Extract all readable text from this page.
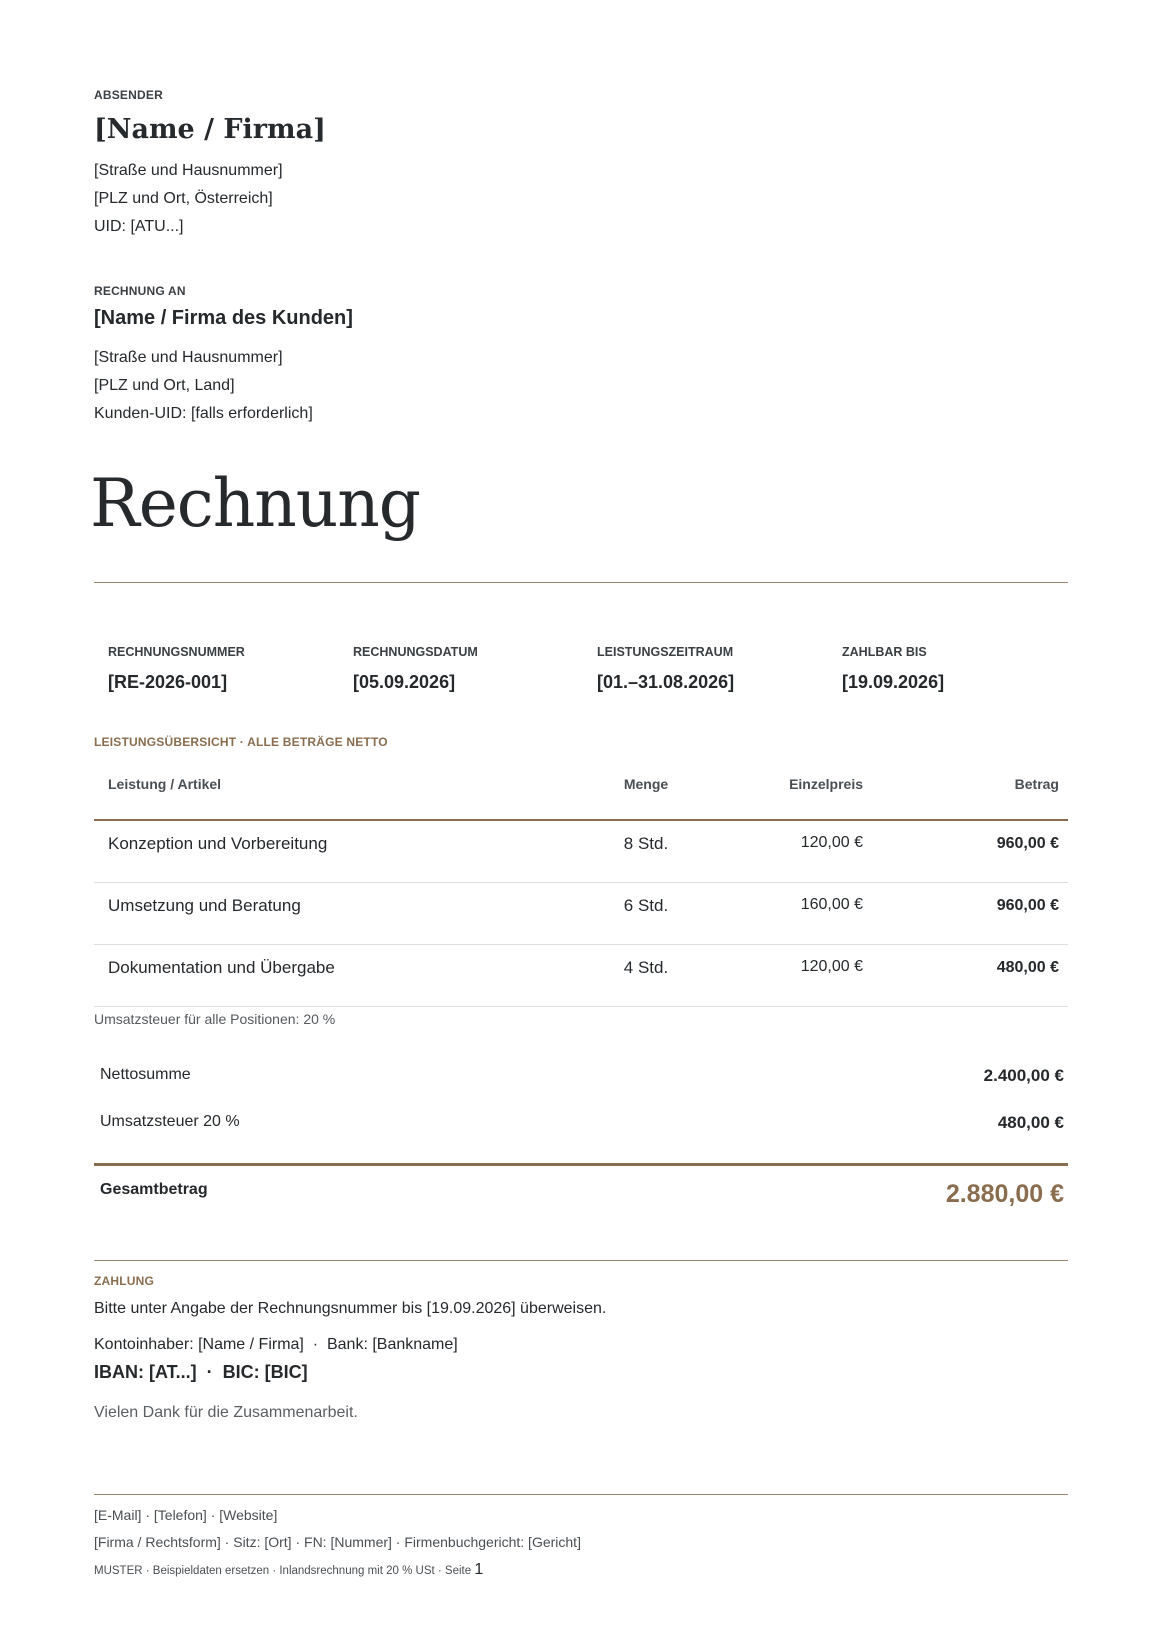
ABSENDER
[Name / Firma]
[Straße und Hausnummer]
[PLZ und Ort, Österreich]
UID: [ATU...]
RECHNUNG AN
[Name / Firma des Kunden]
[Straße und Hausnummer]
[PLZ und Ort, Land]
Kunden-UID: [falls erforderlich]
Rechnung
RECHNUNGSNUMMER
[RE-2026-001]
RECHNUNGSDATUM
[05.09.2026]
LEISTUNGSZEITRAUM
[01.–31.08.2026]
ZAHLBAR BIS
[19.09.2026]
LEISTUNGSÜBERSICHT · ALLE BETRÄGE NETTO
Leistung / Artikel	Menge	Einzelpreis	Betrag
Konzeption und Vorbereitung	8 Std.	120,00 €	960,00 €
Umsetzung und Beratung	6 Std.	160,00 €	960,00 €
Dokumentation und Übergabe	4 Std.	120,00 €	480,00 €
Umsatzsteuer für alle Positionen: 20 %
Nettosumme	2.400,00 €
Umsatzsteuer 20 %	480,00 €
Gesamtbetrag	2.880,00 €
ZAHLUNG
Bitte unter Angabe der Rechnungsnummer bis [19.09.2026] überweisen.
Kontoinhaber: [Name / Firma]  ·  Bank: [Bankname]
IBAN: [AT...]  ·  BIC: [BIC]
Vielen Dank für die Zusammenarbeit.
[E-Mail] · [Telefon] · [Website]
[Firma / Rechtsform] · Sitz: [Ort] · FN: [Nummer] · Firmenbuchgericht: [Gericht]
MUSTER · Beispieldaten ersetzen · Inlandsrechnung mit 20 % USt · Seite 1
